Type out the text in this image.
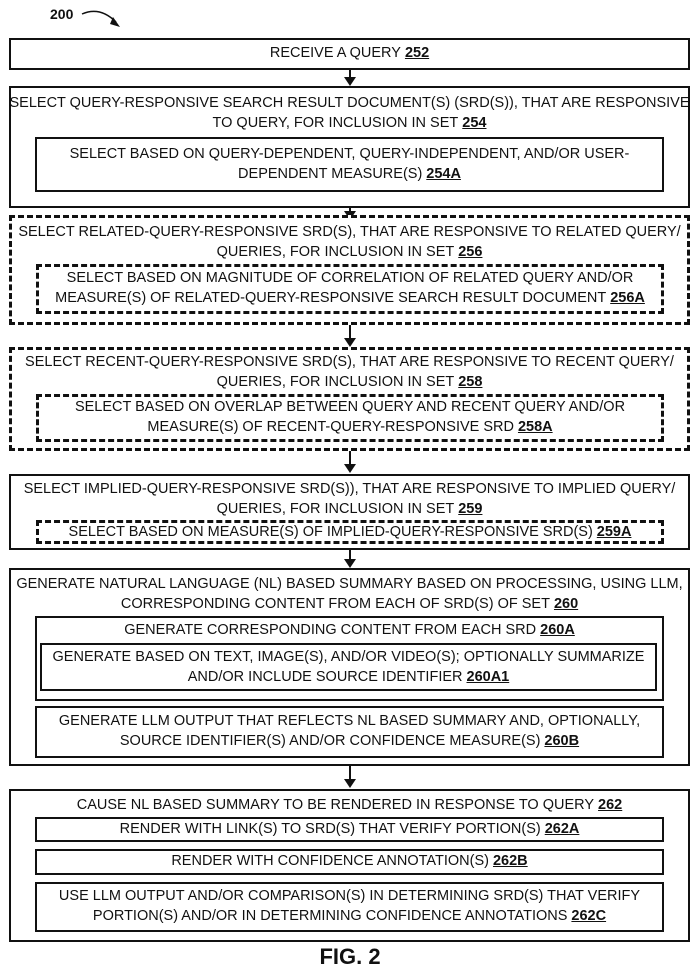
200
RECEIVE A QUERY 252
SELECT QUERY-RESPONSIVE SEARCH RESULT DOCUMENT(S) (SRD(S)), THAT ARE RESPONSIVE
TO QUERY, FOR INCLUSION IN SET 254
SELECT BASED ON QUERY-DEPENDENT, QUERY-INDEPENDENT, AND/OR USER-
DEPENDENT MEASURE(S) 254A
SELECT RELATED-QUERY-RESPONSIVE SRD(S), THAT ARE RESPONSIVE TO RELATED QUERY/
QUERIES, FOR INCLUSION IN SET 256
SELECT BASED ON MAGNITUDE OF CORRELATION OF RELATED QUERY AND/OR
MEASURE(S) OF RELATED-QUERY-RESPONSIVE SEARCH RESULT DOCUMENT 256A
SELECT RECENT-QUERY-RESPONSIVE SRD(S), THAT ARE RESPONSIVE TO RECENT QUERY/
QUERIES, FOR INCLUSION IN SET 258
SELECT BASED ON OVERLAP BETWEEN QUERY AND RECENT QUERY AND/OR
MEASURE(S) OF RECENT-QUERY-RESPONSIVE SRD 258A
SELECT IMPLIED-QUERY-RESPONSIVE SRD(S)), THAT ARE RESPONSIVE TO IMPLIED QUERY/
QUERIES, FOR INCLUSION IN SET 259
SELECT BASED ON MEASURE(S) OF IMPLIED-QUERY-RESPONSIVE SRD(S) 259A
GENERATE NATURAL LANGUAGE (NL) BASED SUMMARY BASED ON PROCESSING, USING LLM,
CORRESPONDING CONTENT FROM EACH OF SRD(S) OF SET 260
GENERATE CORRESPONDING CONTENT FROM EACH SRD 260A
GENERATE BASED ON TEXT, IMAGE(S), AND/OR VIDEO(S); OPTIONALLY SUMMARIZE
AND/OR INCLUDE SOURCE IDENTIFIER 260A1
GENERATE LLM OUTPUT THAT REFLECTS NL BASED SUMMARY AND, OPTIONALLY,
SOURCE IDENTIFIER(S) AND/OR CONFIDENCE MEASURE(S) 260B
CAUSE NL BASED SUMMARY TO BE RENDERED IN RESPONSE TO QUERY 262
RENDER WITH LINK(S) TO SRD(S) THAT VERIFY PORTION(S) 262A
RENDER WITH CONFIDENCE ANNOTATION(S) 262B
USE LLM OUTPUT AND/OR COMPARISON(S) IN DETERMINING SRD(S) THAT VERIFY
PORTION(S) AND/OR IN DETERMINING CONFIDENCE ANNOTATIONS 262C
FIG. 2
